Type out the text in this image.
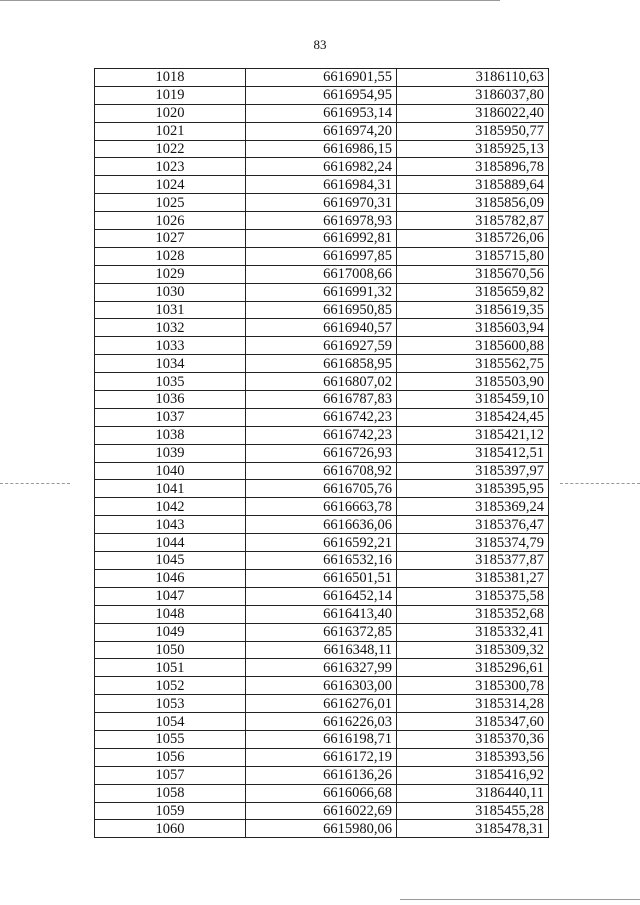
83
1018	6616901,55	3186110,63
1019	6616954,95	3186037,80
1020	6616953,14	3186022,40
1021	6616974,20	3185950,77
1022	6616986,15	3185925,13
1023	6616982,24	3185896,78
1024	6616984,31	3185889,64
1025	6616970,31	3185856,09
1026	6616978,93	3185782,87
1027	6616992,81	3185726,06
1028	6616997,85	3185715,80
1029	6617008,66	3185670,56
1030	6616991,32	3185659,82
1031	6616950,85	3185619,35
1032	6616940,57	3185603,94
1033	6616927,59	3185600,88
1034	6616858,95	3185562,75
1035	6616807,02	3185503,90
1036	6616787,83	3185459,10
1037	6616742,23	3185424,45
1038	6616742,23	3185421,12
1039	6616726,93	3185412,51
1040	6616708,92	3185397,97
1041	6616705,76	3185395,95
1042	6616663,78	3185369,24
1043	6616636,06	3185376,47
1044	6616592,21	3185374,79
1045	6616532,16	3185377,87
1046	6616501,51	3185381,27
1047	6616452,14	3185375,58
1048	6616413,40	3185352,68
1049	6616372,85	3185332,41
1050	6616348,11	3185309,32
1051	6616327,99	3185296,61
1052	6616303,00	3185300,78
1053	6616276,01	3185314,28
1054	6616226,03	3185347,60
1055	6616198,71	3185370,36
1056	6616172,19	3185393,56
1057	6616136,26	3185416,92
1058	6616066,68	3186440,11
1059	6616022,69	3185455,28
1060	6615980,06	3185478,31
